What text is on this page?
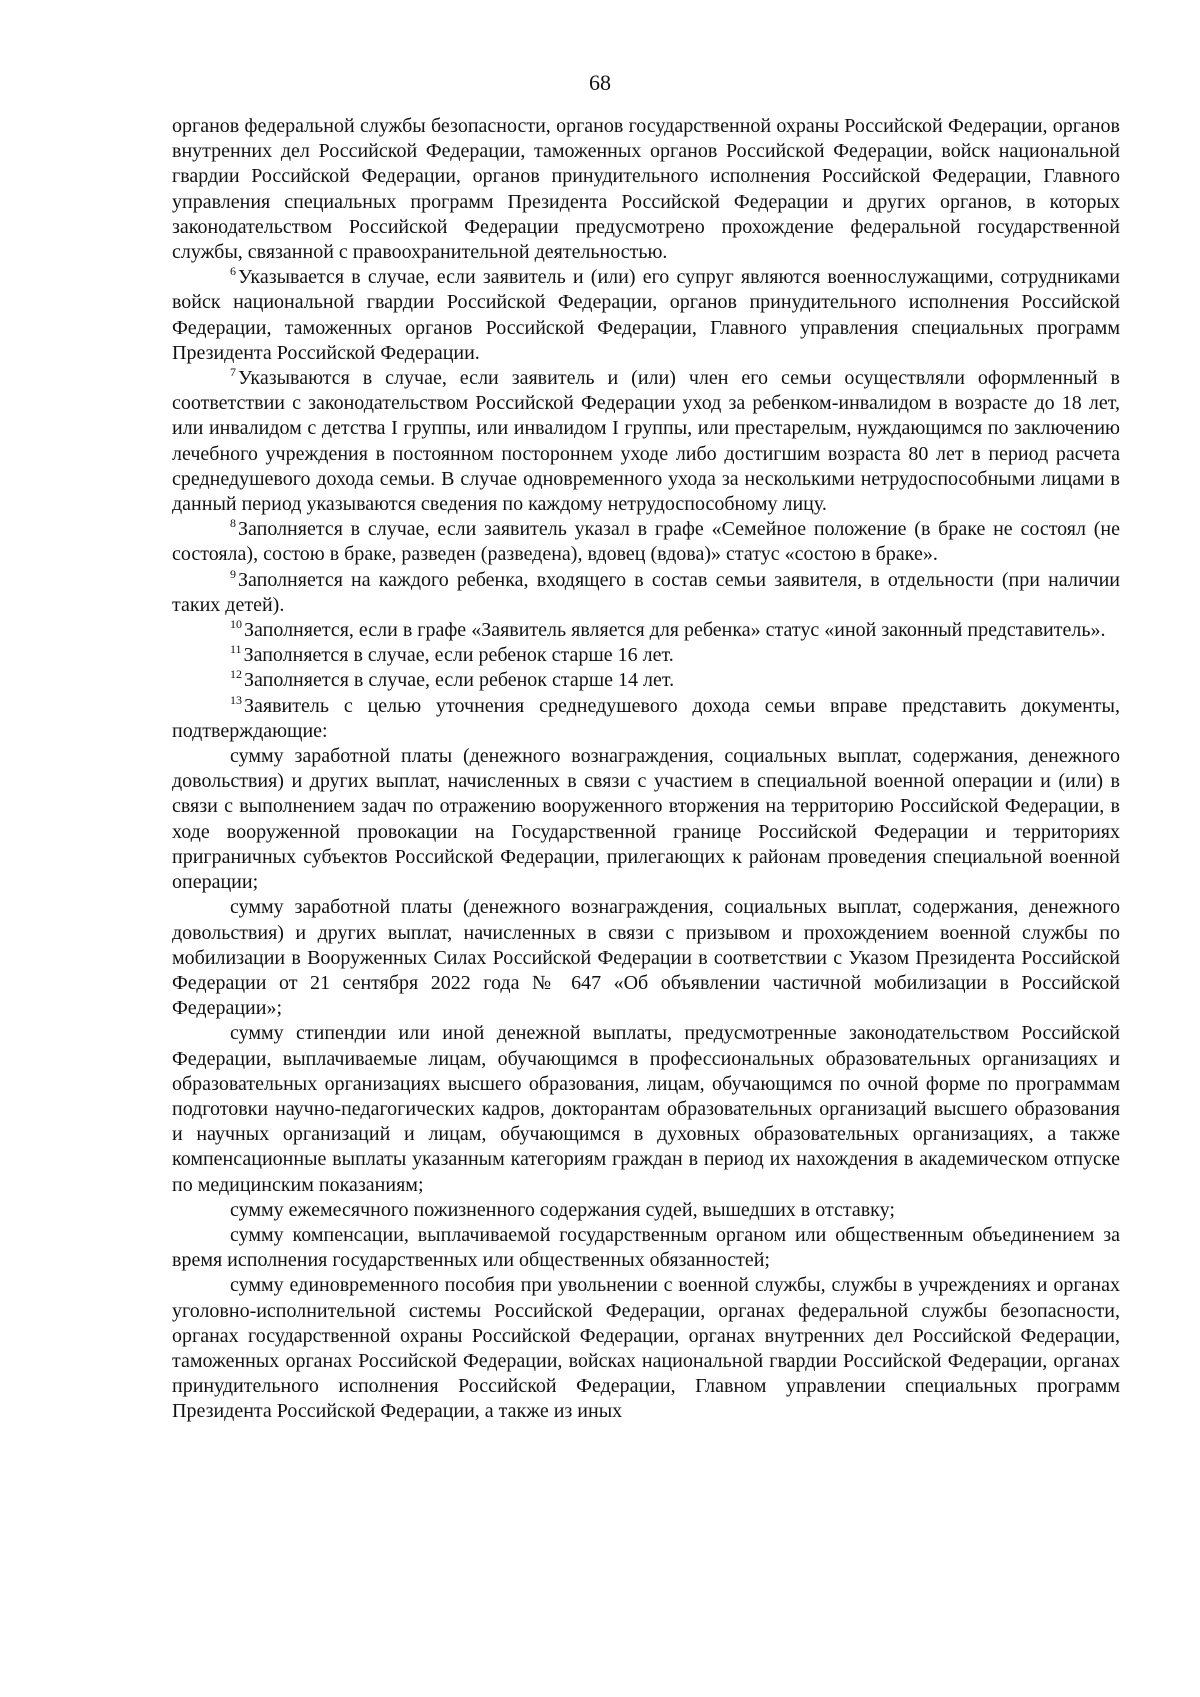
68

органов федеральной службы безопасности, органов государственной охраны Российской Федерации, органов внутренних дел Российской Федерации, таможенных органов Российской Федерации, войск национальной гвардии Российской Федерации, органов принудительного исполнения Российской Федерации, Главного управления специальных программ Президента Российской Федерации и других органов, в которых законодательством Российской Федерации предусмотрено прохождение федеральной государственной службы, связанной с правоохранительной деятельностью.

$^6$ Указывается в случае, если заявитель и (или) его супруг являются военнослужащими, сотрудниками войск национальной гвардии Российской Федерации, органов принудительного исполнения Российской Федерации, таможенных органов Российской Федерации, Главного управления специальных программ Президента Российской Федерации.

$^7$ Указываются в случае, если заявитель и (или) член его семьи осуществляли оформленный в соответствии с законодательством Российской Федерации уход за ребенком-инвалидом в возрасте до 18 лет, или инвалидом с детства I группы, или инвалидом I группы, или престарелым, нуждающимся по заключению лечебного учреждения в постоянном постороннем уходе либо достигшим возраста 80 лет в период расчета среднедушевого дохода семьи. В случае одновременного ухода за несколькими нетрудоспособными лицами в данный период указываются сведения по каждому нетрудоспособному лицу.

$^8$ Заполняется в случае, если заявитель указал в графе «Семейное положение (в браке не состоял (не состояла), состою в браке, разведен (разведена), вдовец (вдова)» статус «состою в браке».

$^9$ Заполняется на каждого ребенка, входящего в состав семьи заявителя, в отдельности (при наличии таких детей).

$^{10}$ Заполняется, если в графе «Заявитель является для ребенка» статус «иной законный представитель».

$^{11}$ Заполняется в случае, если ребенок старше 16 лет.

$^{12}$ Заполняется в случае, если ребенок старше 14 лет.

$^{13}$ Заявитель с целью уточнения среднедушевого дохода семьи вправе представить документы, подтверждающие:

сумму заработной платы (денежного вознаграждения, социальных выплат, содержания, денежного довольствия) и других выплат, начисленных в связи с участием в специальной военной операции и (или) в связи с выполнением задач по отражению вооруженного вторжения на территорию Российской Федерации, в ходе вооруженной провокации на Государственной границе Российской Федерации и территориях приграничных субъектов Российской Федерации, прилегающих к районам проведения специальной военной операции;

сумму заработной платы (денежного вознаграждения, социальных выплат, содержания, денежного довольствия) и других выплат, начисленных в связи с призывом и прохождением военной службы по мобилизации в Вооруженных Силах Российской Федерации в соответствии с Указом Президента Российской Федерации от 21 сентября 2022 года № 647 «Об объявлении частичной мобилизации в Российской Федерации»;

сумму стипендии или иной денежной выплаты, предусмотренные законодательством Российской Федерации, выплачиваемые лицам, обучающимся в профессиональных образовательных организациях и образовательных организациях высшего образования, лицам, обучающимся по очной форме по программам подготовки научно-педагогических кадров, докторантам образовательных организаций высшего образования и научных организаций и лицам, обучающимся в духовных образовательных организациях, а также компенсационные выплаты указанным категориям граждан в период их нахождения в академическом отпуске по медицинским показаниям;

сумму ежемесячного пожизненного содержания судей, вышедших в отставку;

сумму компенсации, выплачиваемой государственным органом или общественным объединением за время исполнения государственных или общественных обязанностей;

сумму единовременного пособия при увольнении с военной службы, службы в учреждениях и органах уголовно-исполнительной системы Российской Федерации, органах федеральной службы безопасности, органах государственной охраны Российской Федерации, органах внутренних дел Российской Федерации, таможенных органах Российской Федерации, войсках национальной гвардии Российской Федерации, органах принудительного исполнения Российской Федерации, Главном управлении специальных программ Президента Российской Федерации, а также из иных
